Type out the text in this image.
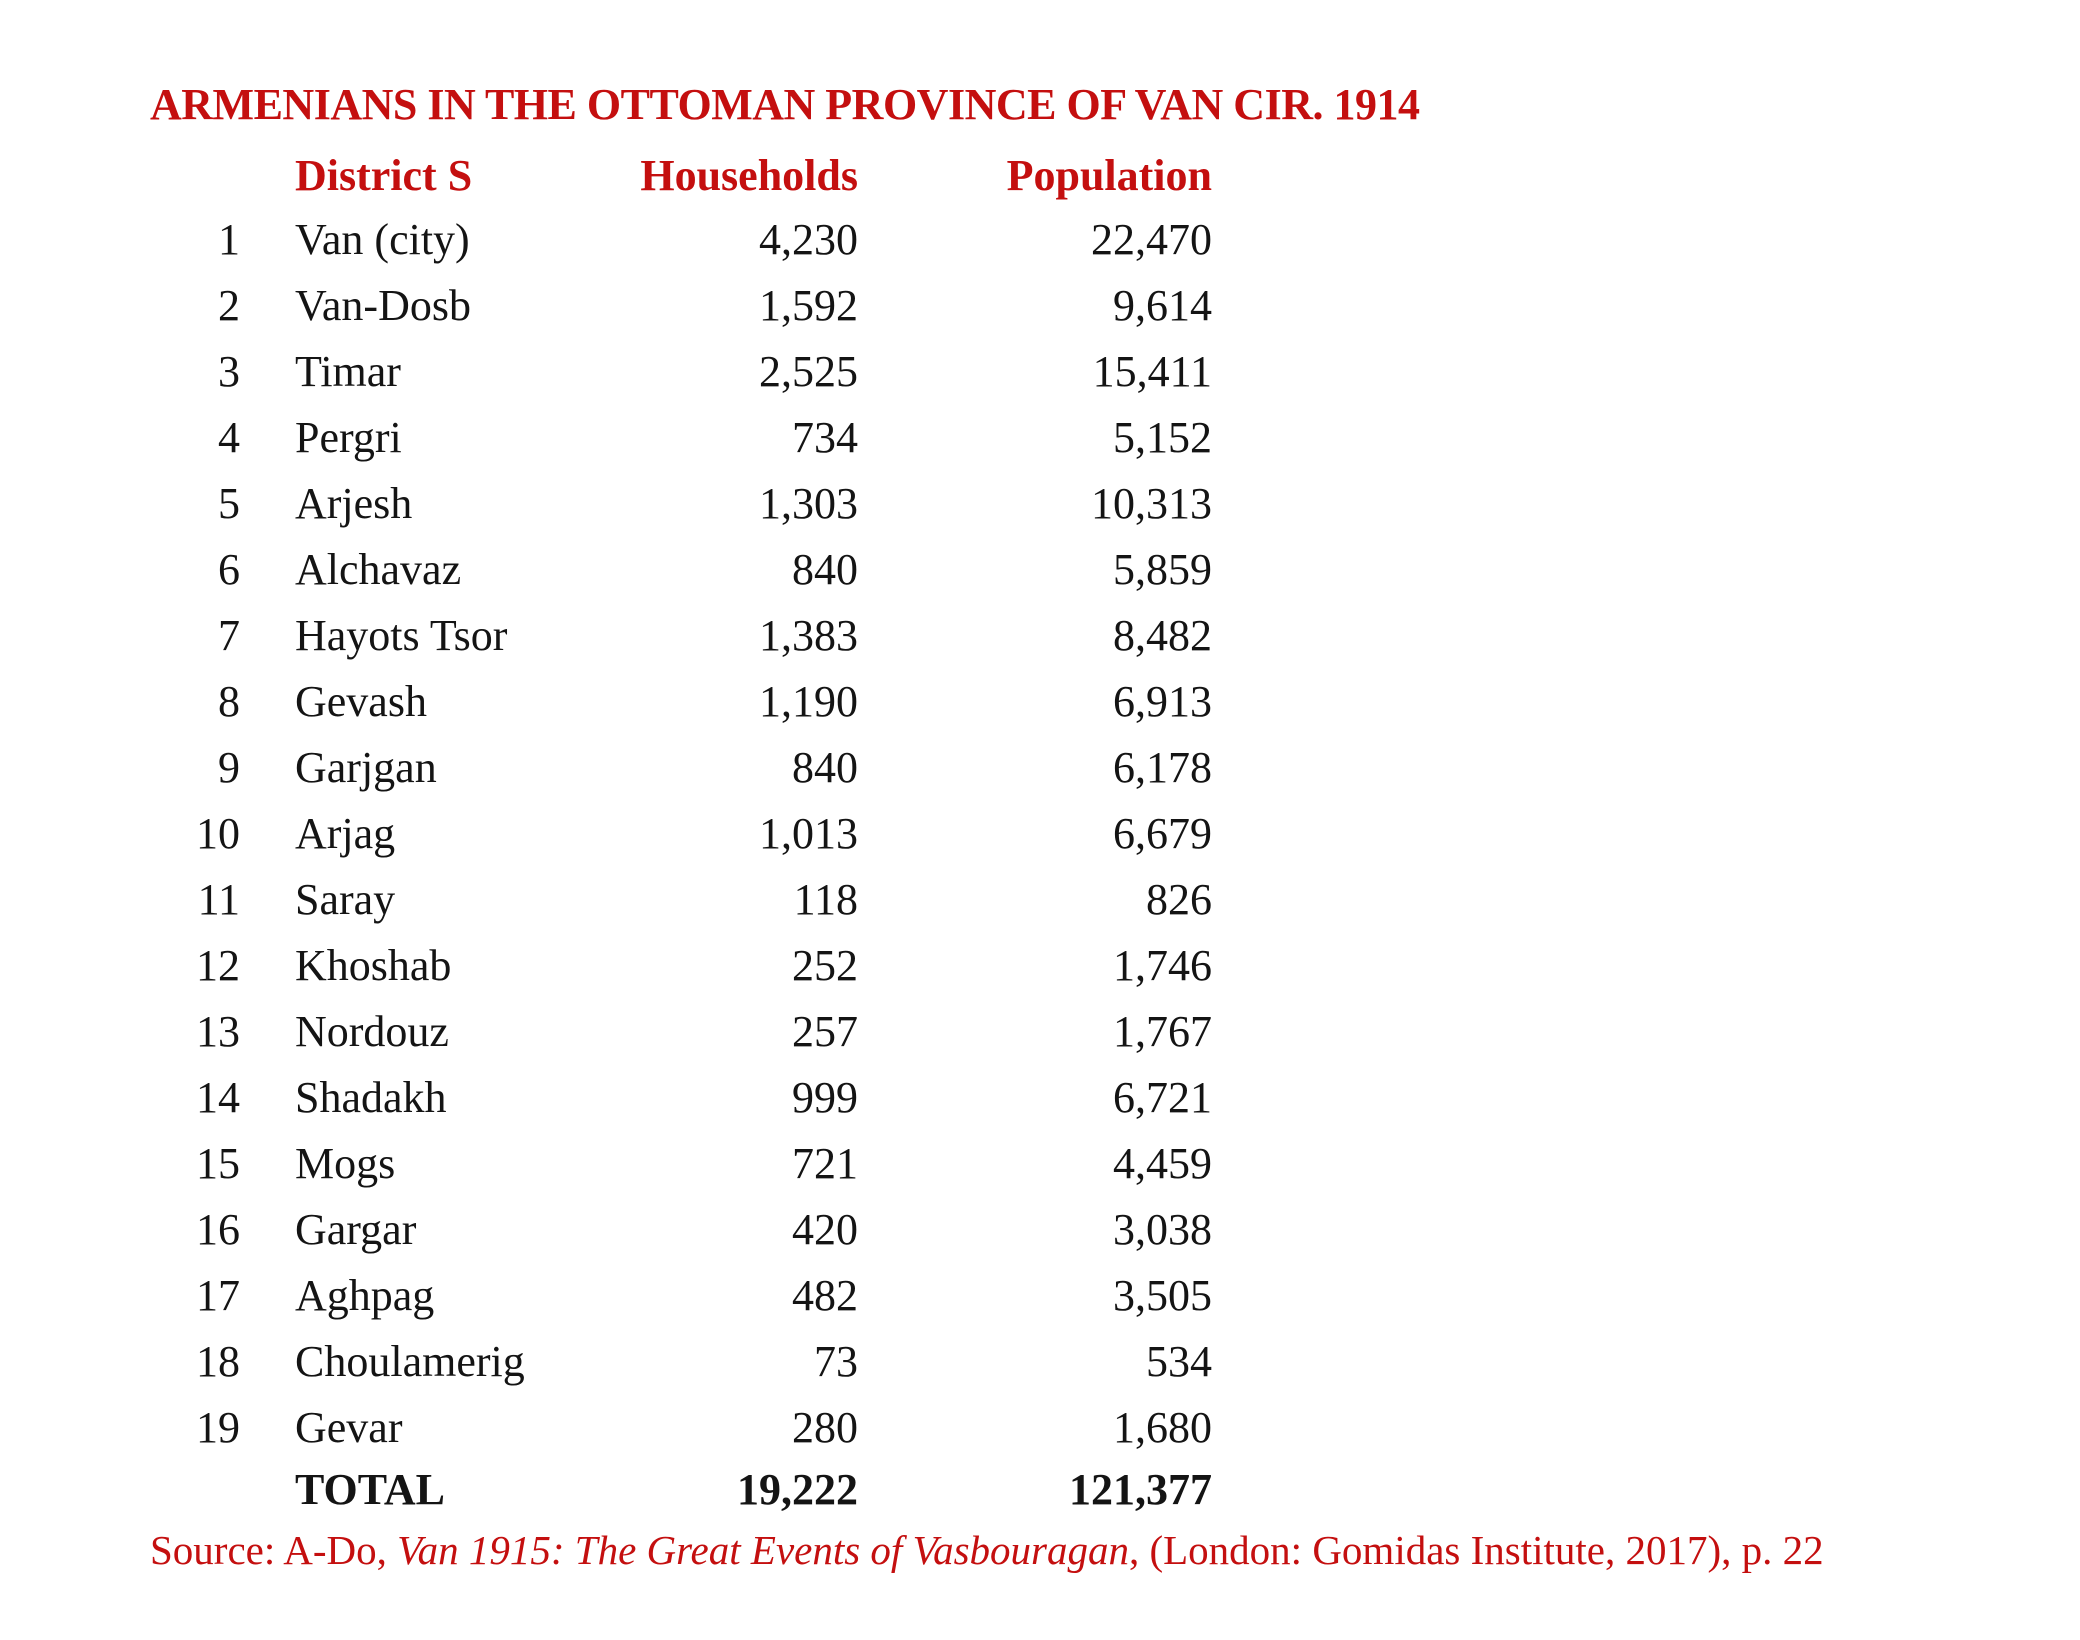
ARMENIANS IN THE OTTOMAN PROVINCE OF VAN CIR. 1914
District S	Households	Population
1	Van (city)	4,230	22,470
2	Van-Dosb	1,592	9,614
3	Timar	2,525	15,411
4	Pergri	734	5,152
5	Arjesh	1,303	10,313
6	Alchavaz	840	5,859
7	Hayots Tsor	1,383	8,482
8	Gevash	1,190	6,913
9	Garjgan	840	6,178
10	Arjag	1,013	6,679
11	Saray	118	826
12	Khoshab	252	1,746
13	Nordouz	257	1,767
14	Shadakh	999	6,721
15	Mogs	721	4,459
16	Gargar	420	3,038
17	Aghpag	482	3,505
18	Choulamerig	73	534
19	Gevar	280	1,680
TOTAL	19,222	121,377
Source: A-Do, Van 1915: The Great Events of Vasbouragan, (London: Gomidas Institute, 2017), p. 22
